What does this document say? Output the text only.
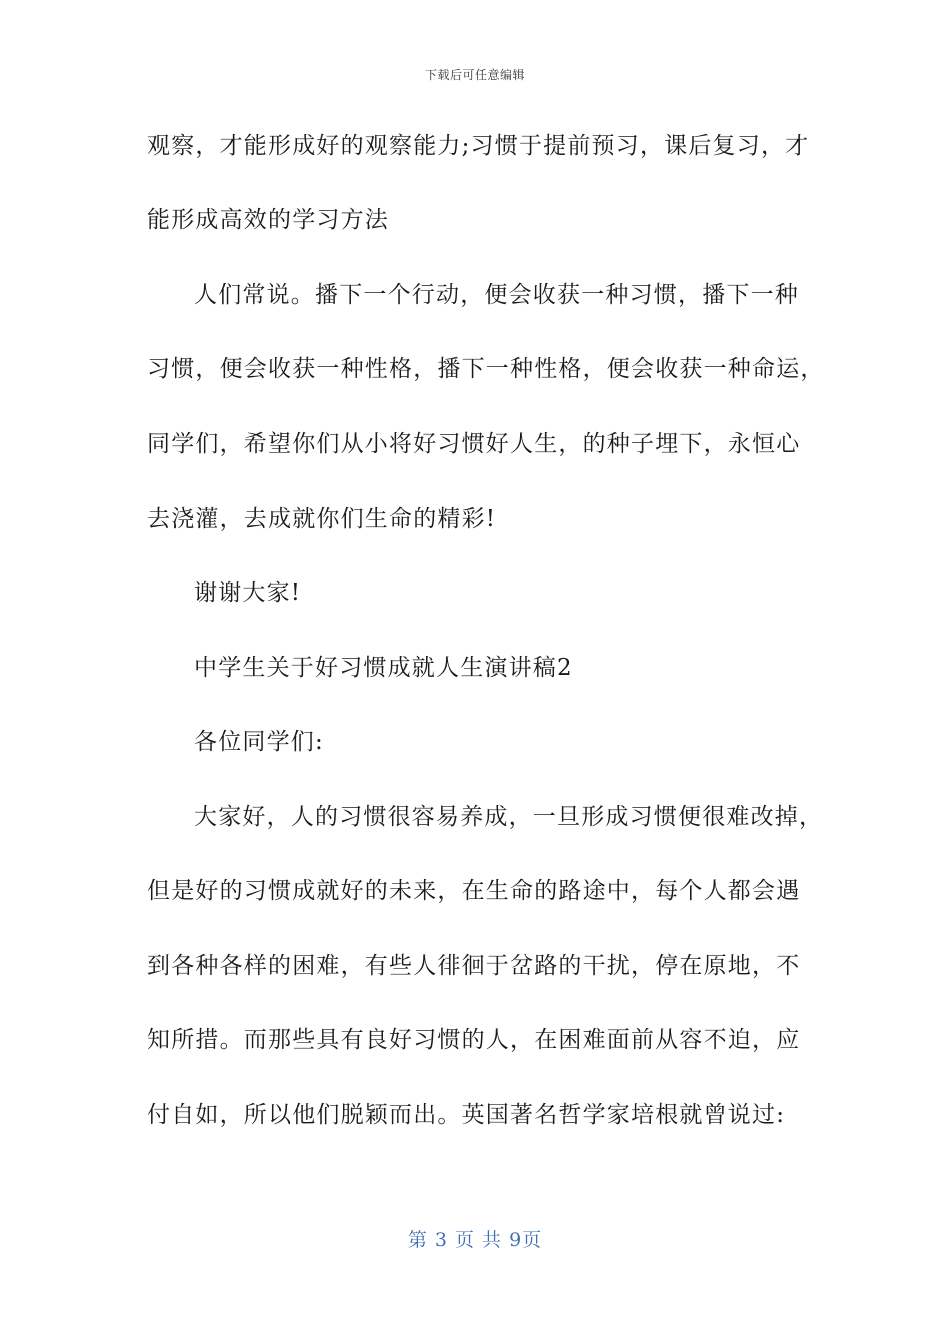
下载后可任意编辑
观察，才能形成好的观察能力;习惯于提前预习，课后复习，才
能形成高效的学习方法
人们常说。播下一个行动，便会收获一种习惯，播下一种
习惯，便会收获一种性格，播下一种性格，便会收获一种命运，
同学们，希望你们从小将好习惯好人生，的种子埋下，永恒心
去浇灌，去成就你们生命的精彩!
谢谢大家!
中学生关于好习惯成就人生演讲稿2
各位同学们:
大家好，人的习惯很容易养成，一旦形成习惯便很难改掉，
但是好的习惯成就好的未来，在生命的路途中，每个人都会遇
到各种各样的困难，有些人徘徊于岔路的干扰，停在原地，不
知所措。而那些具有良好习惯的人，在困难面前从容不迫，应
付自如，所以他们脱颖而出。英国著名哲学家培根就曾说过:
第 3 页 共 9页
